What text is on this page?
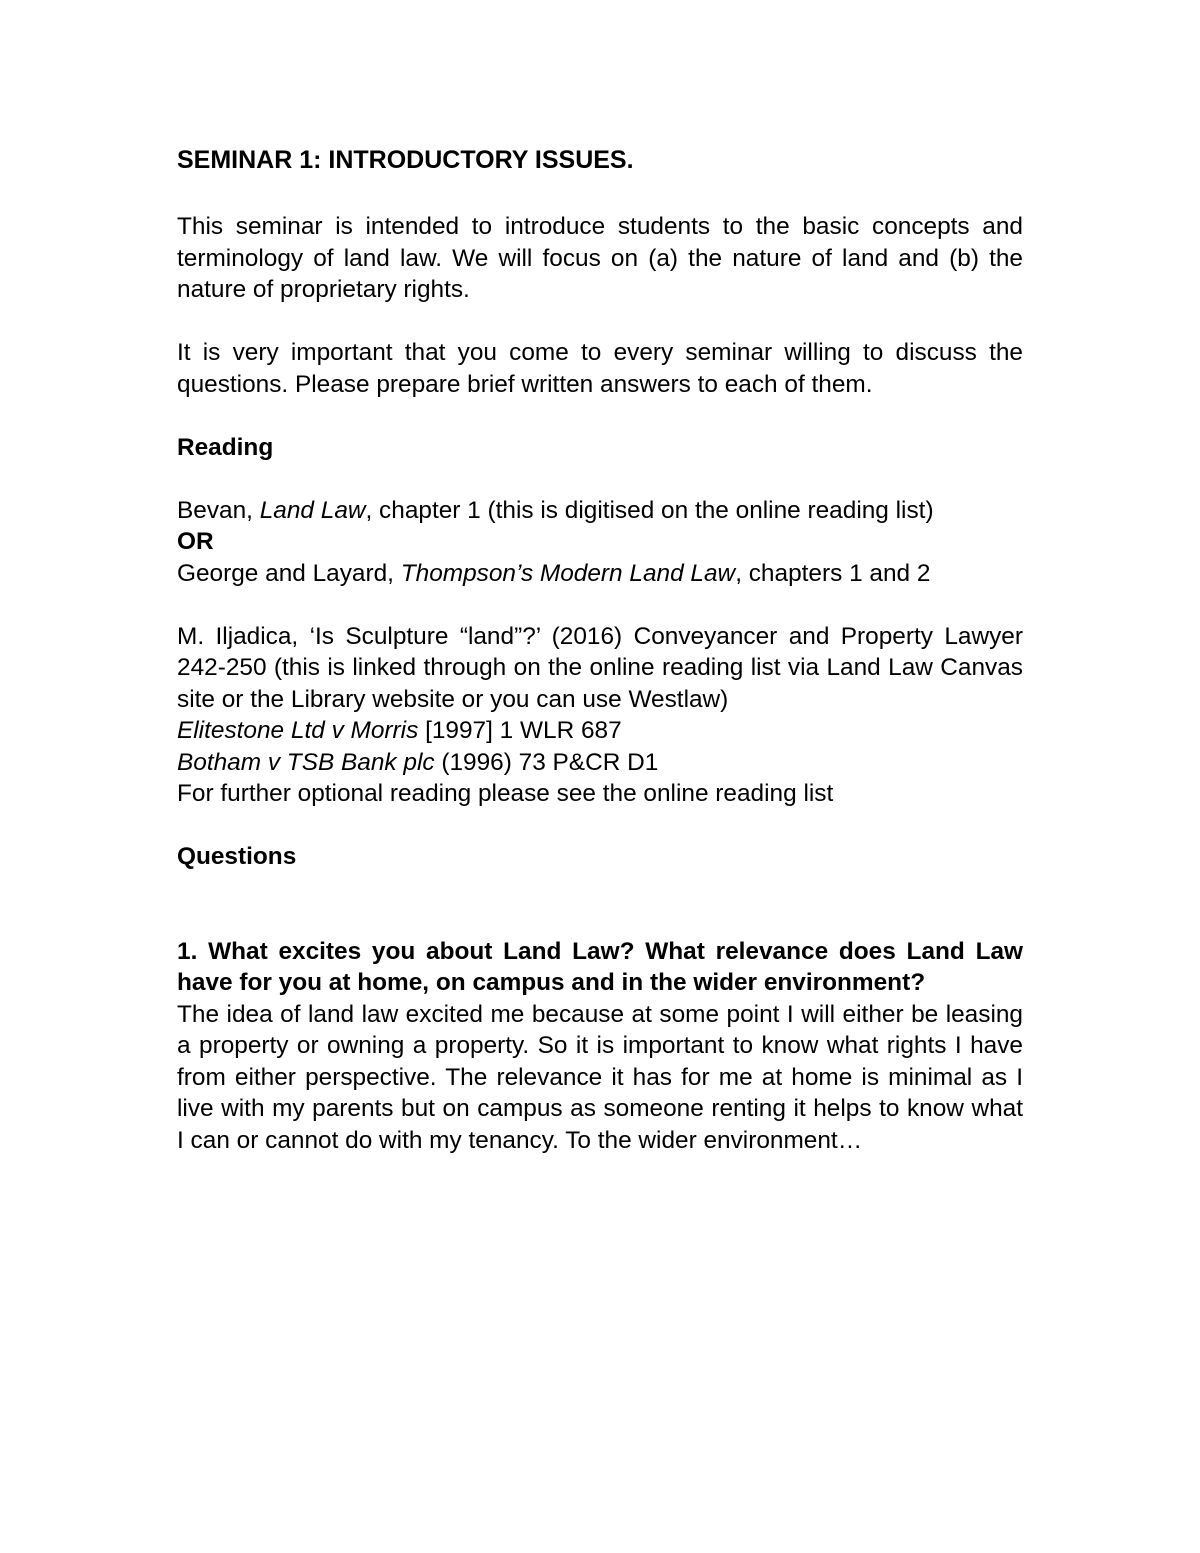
SEMINAR 1: INTRODUCTORY ISSUES.

This seminar is intended to introduce students to the basic concepts and terminology of land law. We will focus on (a) the nature of land and (b) the nature of proprietary rights.

It is very important that you come to every seminar willing to discuss the questions. Please prepare brief written answers to each of them.

Reading

Bevan, Land Law, chapter 1 (this is digitised on the online reading list)

OR

George and Layard, Thompson’s Modern Land Law, chapters 1 and 2

M. Iljadica, ‘Is Sculpture “land”?’ (2016) Conveyancer and Property Lawyer 242-250 (this is linked through on the online reading list via Land Law Canvas site or the Library website or you can use Westlaw)

Elitestone Ltd v Morris [1997] 1 WLR 687

Botham v TSB Bank plc (1996) 73 P&CR D1

For further optional reading please see the online reading list

Questions

1. What excites you about Land Law? What relevance does Land Law have for you at home, on campus and in the wider environment?

The idea of land law excited me because at some point I will either be leasing a property or owning a property. So it is important to know what rights I have from either perspective. The relevance it has for me at home is minimal as I live with my parents but on campus as someone renting it helps to know what I can or cannot do with my tenancy. To the wider environment…
